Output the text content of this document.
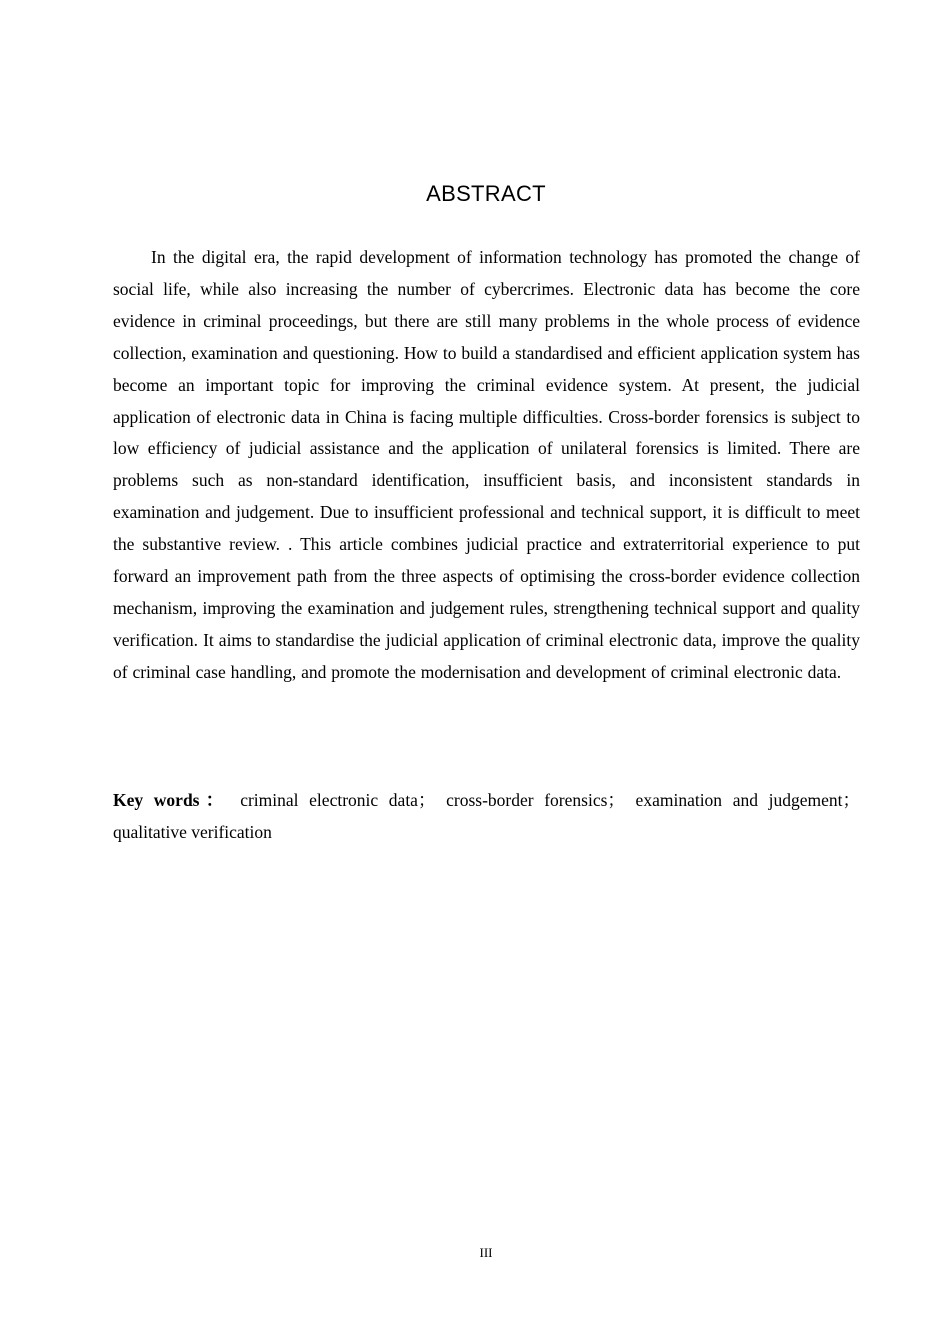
ABSTRACT

In the digital era, the rapid development of information technology has promoted the change of social life, while also increasing the number of cybercrimes. Electronic data has become the core evidence in criminal proceedings, but there are still many problems in the whole process of evidence collection, examination and questioning. How to build a standardised and efficient application system has become an important topic for improving the criminal evidence system. At present, the judicial application of electronic data in China is facing multiple difficulties. Cross-border forensics is subject to low efficiency of judicial assistance and the application of unilateral forensics is limited. There are problems such as non-standard identification, insufficient basis, and inconsistent standards in examination and judgement. Due to insufficient professional and technical support, it is difficult to meet the substantive review. . This article combines judicial practice and extraterritorial experience to put forward an improvement path from the three aspects of optimising the cross-border evidence collection mechanism, improving the examination and judgement rules, strengthening technical support and quality verification. It aims to standardise the judicial application of criminal electronic data, improve the quality of criminal case handling, and promote the modernisation and development of criminal electronic data.

Key words： criminal electronic data； cross-border forensics； examination and judgement；qualitative verification

III
